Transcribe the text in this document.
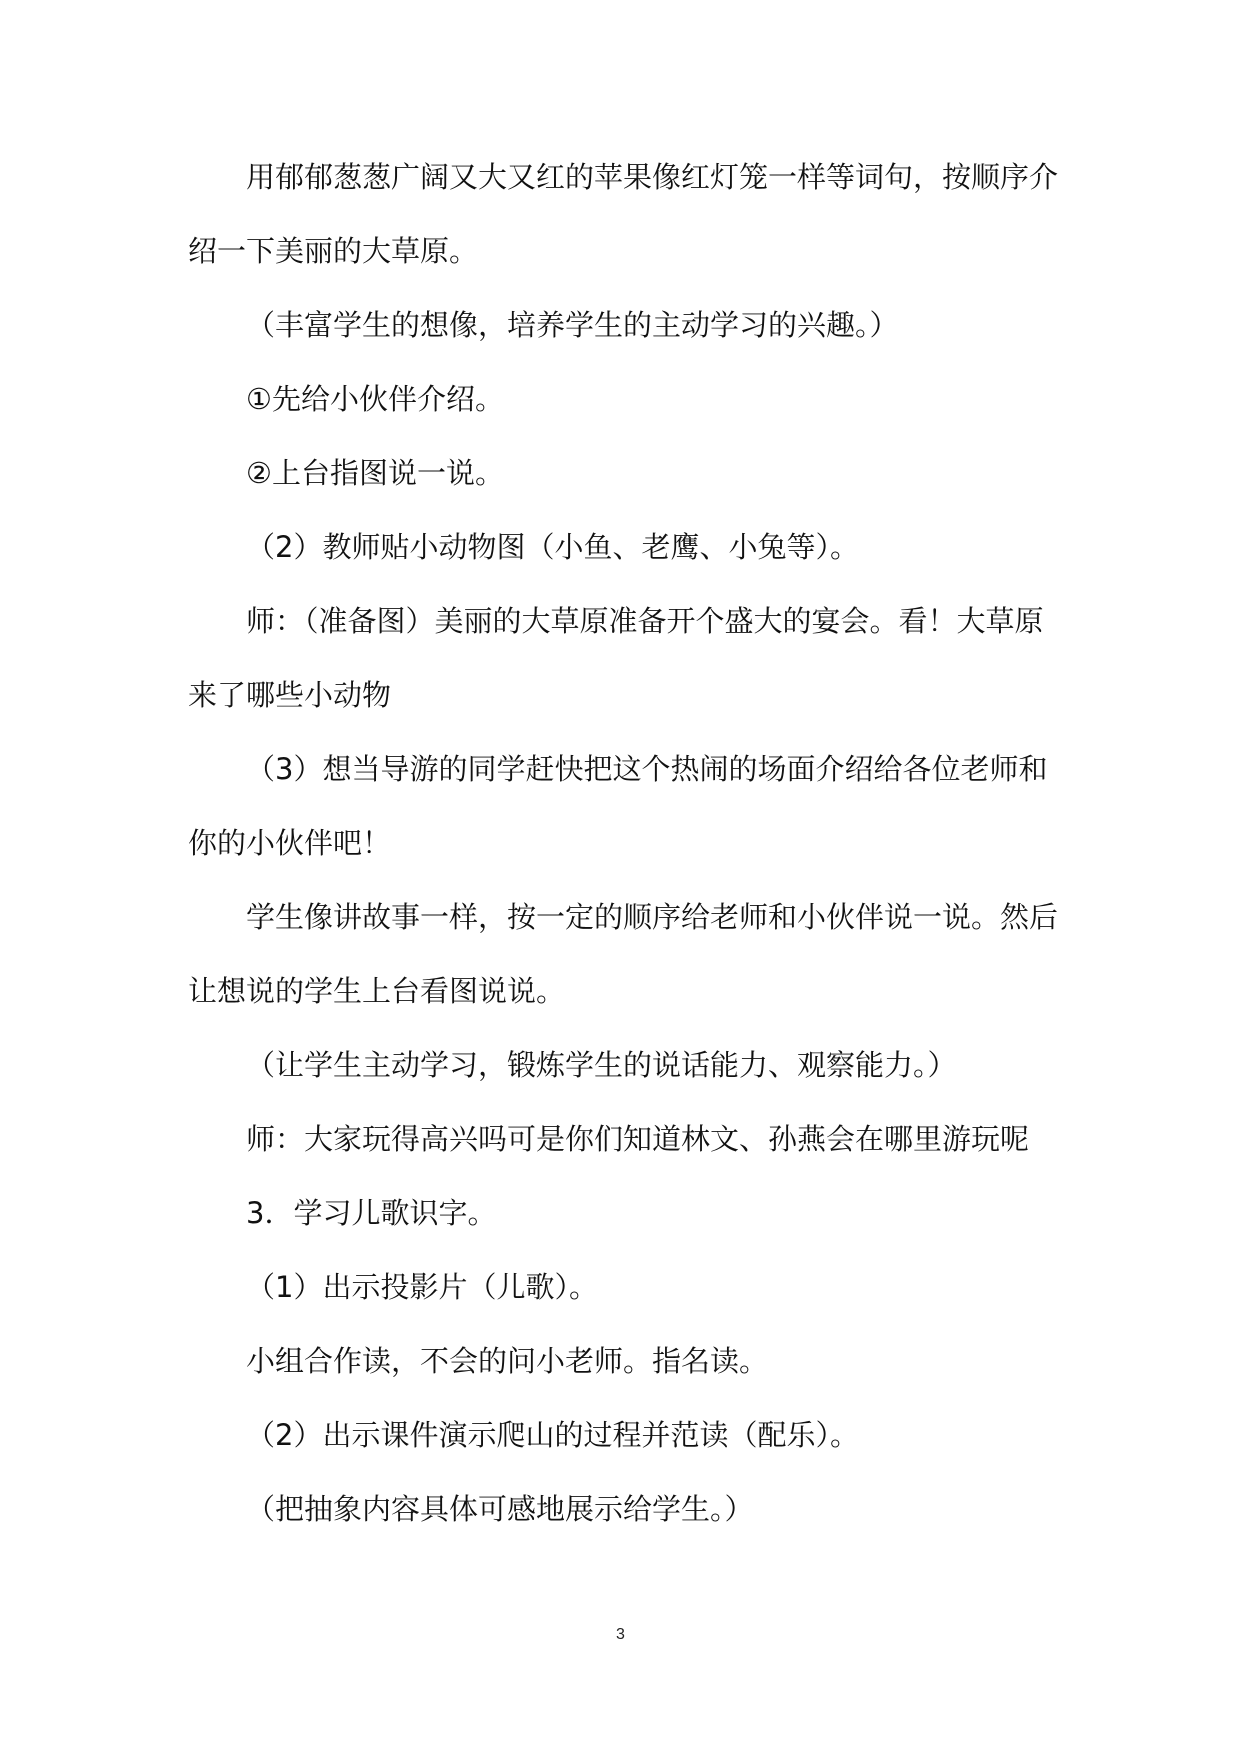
用郁郁葱葱广阔又大又红的苹果像红灯笼一样等词句，按顺序介绍一下美丽的大草原。

（丰富学生的想像，培养学生的主动学习的兴趣。）

①先给小伙伴介绍。

②上台指图说一说。

（2）教师贴小动物图（小鱼、老鹰、小兔等）。

师：（准备图）美丽的大草原准备开个盛大的宴会。看！大草原来了哪些小动物

（3）想当导游的同学赶快把这个热闹的场面介绍给各位老师和你的小伙伴吧！

学生像讲故事一样，按一定的顺序给老师和小伙伴说一说。然后让想说的学生上台看图说说。

（让学生主动学习，锻炼学生的说话能力、观察能力。）

师：大家玩得高兴吗可是你们知道林文、孙燕会在哪里游玩呢

3．学习儿歌识字。

（1）出示投影片（儿歌）。

小组合作读，不会的问小老师。指名读。

（2）出示课件演示爬山的过程并范读（配乐）。

（把抽象内容具体可感地展示给学生。）

3
